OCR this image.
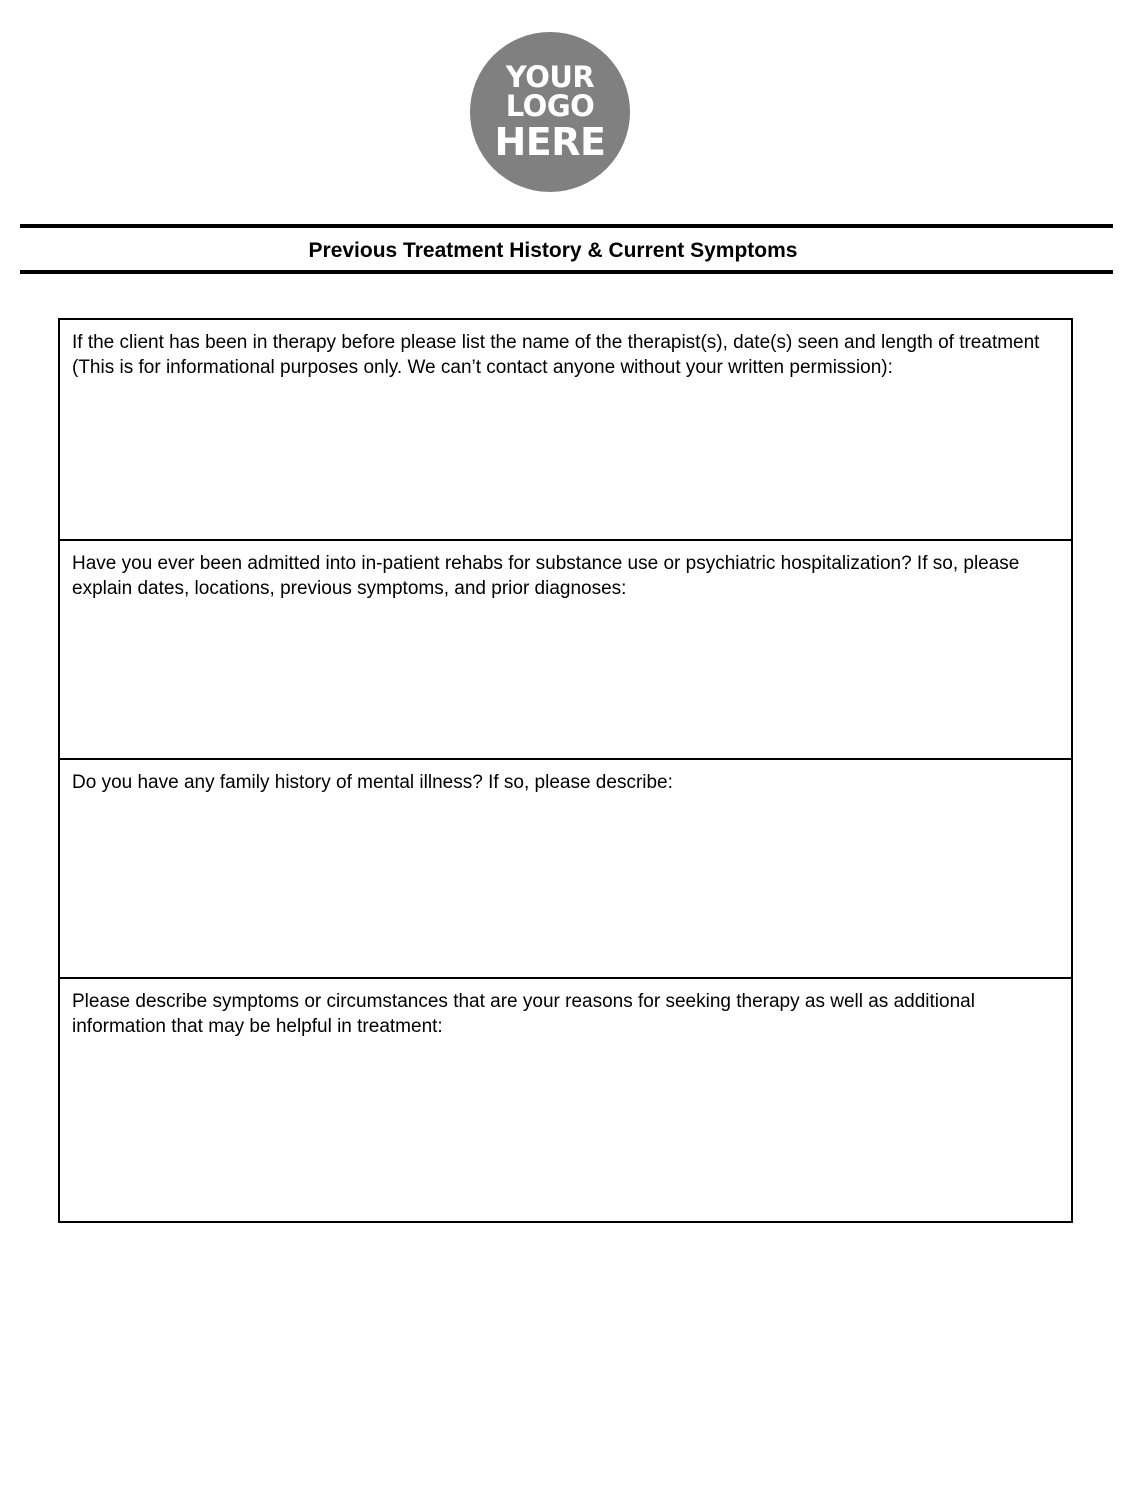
YOUR
LOGO
HERE
Previous Treatment History & Current Symptoms
If the client has been in therapy before please list the name of the therapist(s), date(s) seen and length of treatment (This is for informational purposes only. We can’t contact anyone without your written permission):
Have you ever been admitted into in-patient rehabs for substance use or psychiatric hospitalization? If so, please explain dates, locations, previous symptoms, and prior diagnoses:
Do you have any family history of mental illness? If so, please describe:
Please describe symptoms or circumstances that are your reasons for seeking therapy as well as additional information that may be helpful in treatment:
